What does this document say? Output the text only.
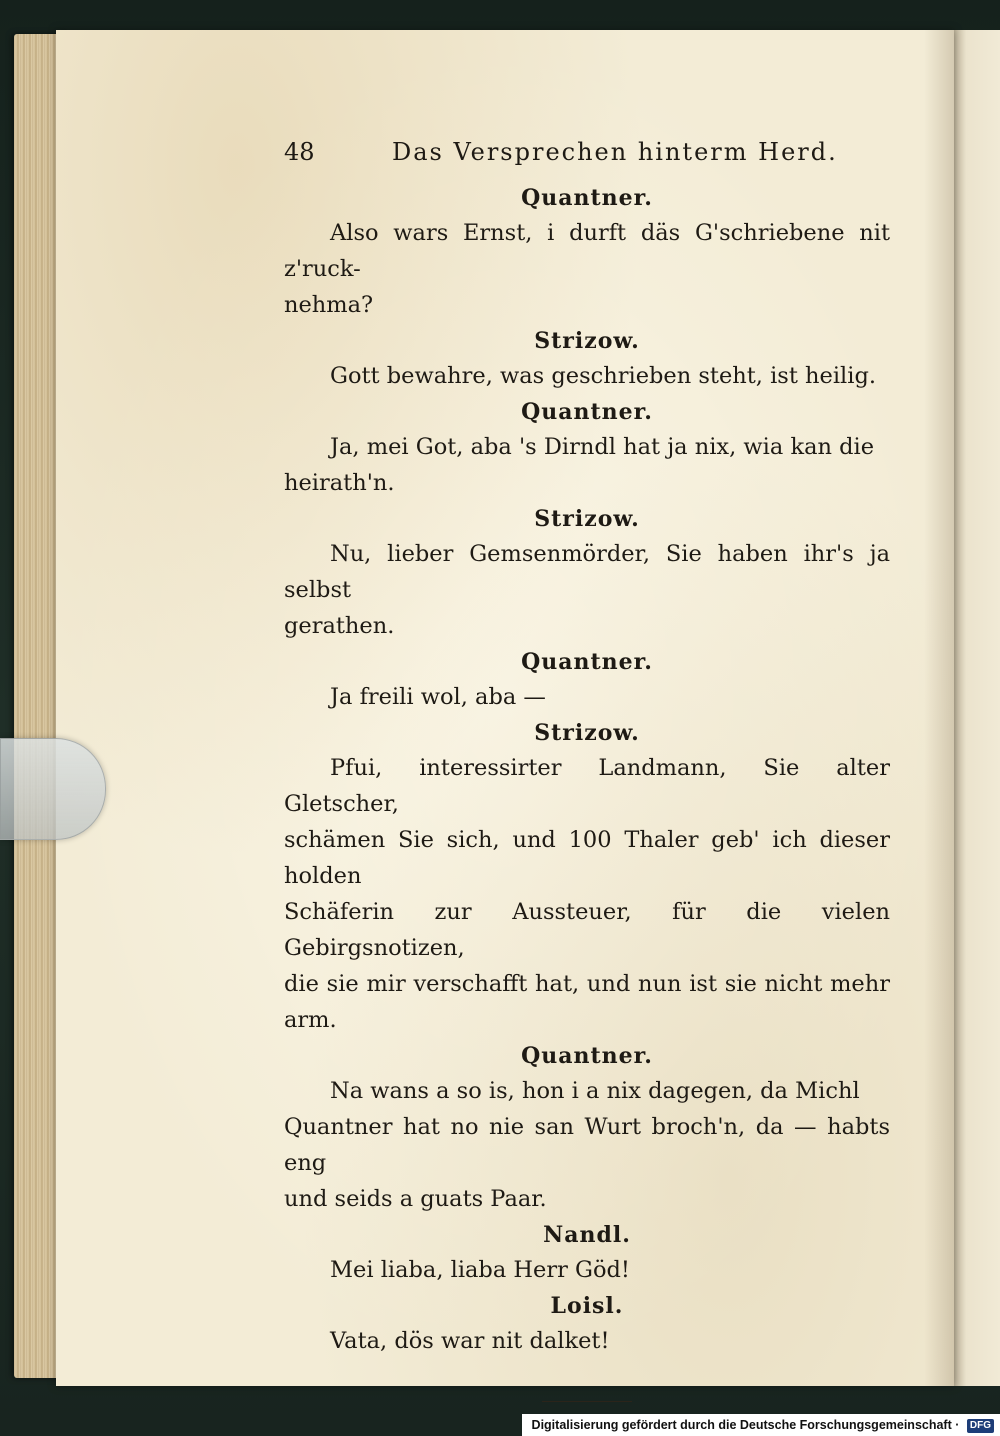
48	Das Versprechen hinterm Herd.

Quantner.

Also wars Ernst, i durft däs G'schriebene nit z'ruck-

nehma?

Strizow.

Gott bewahre, was geschrieben steht, ist heilig.

Quantner.

Ja, mei Got, aba 's Dirndl hat ja nix, wia kan die

heirath'n.

Strizow.

Nu, lieber Gemsenmörder, Sie haben ihr's ja selbst

gerathen.

Quantner.

Ja freili wol, aba —

Strizow.

Pfui, interessirter Landmann, Sie alter Gletscher,

schämen Sie sich, und 100 Thaler geb' ich dieser holden

Schäferin zur Aussteuer, für die vielen Gebirgsnotizen,

die sie mir verschafft hat, und nun ist sie nicht mehr arm.

Quantner.

Na wans a so is, hon i a nix dagegen, da Michl

Quantner hat no nie san Wurt broch'n, da — habts eng

und seids a guats Paar.

Nandl.

Mei liaba, liaba Herr Göd!

Loisl.

Vata, dös war nit dalket!

Digitalisierung gefördert durch die Deutsche Forschungsgemeinschaft · DFG
